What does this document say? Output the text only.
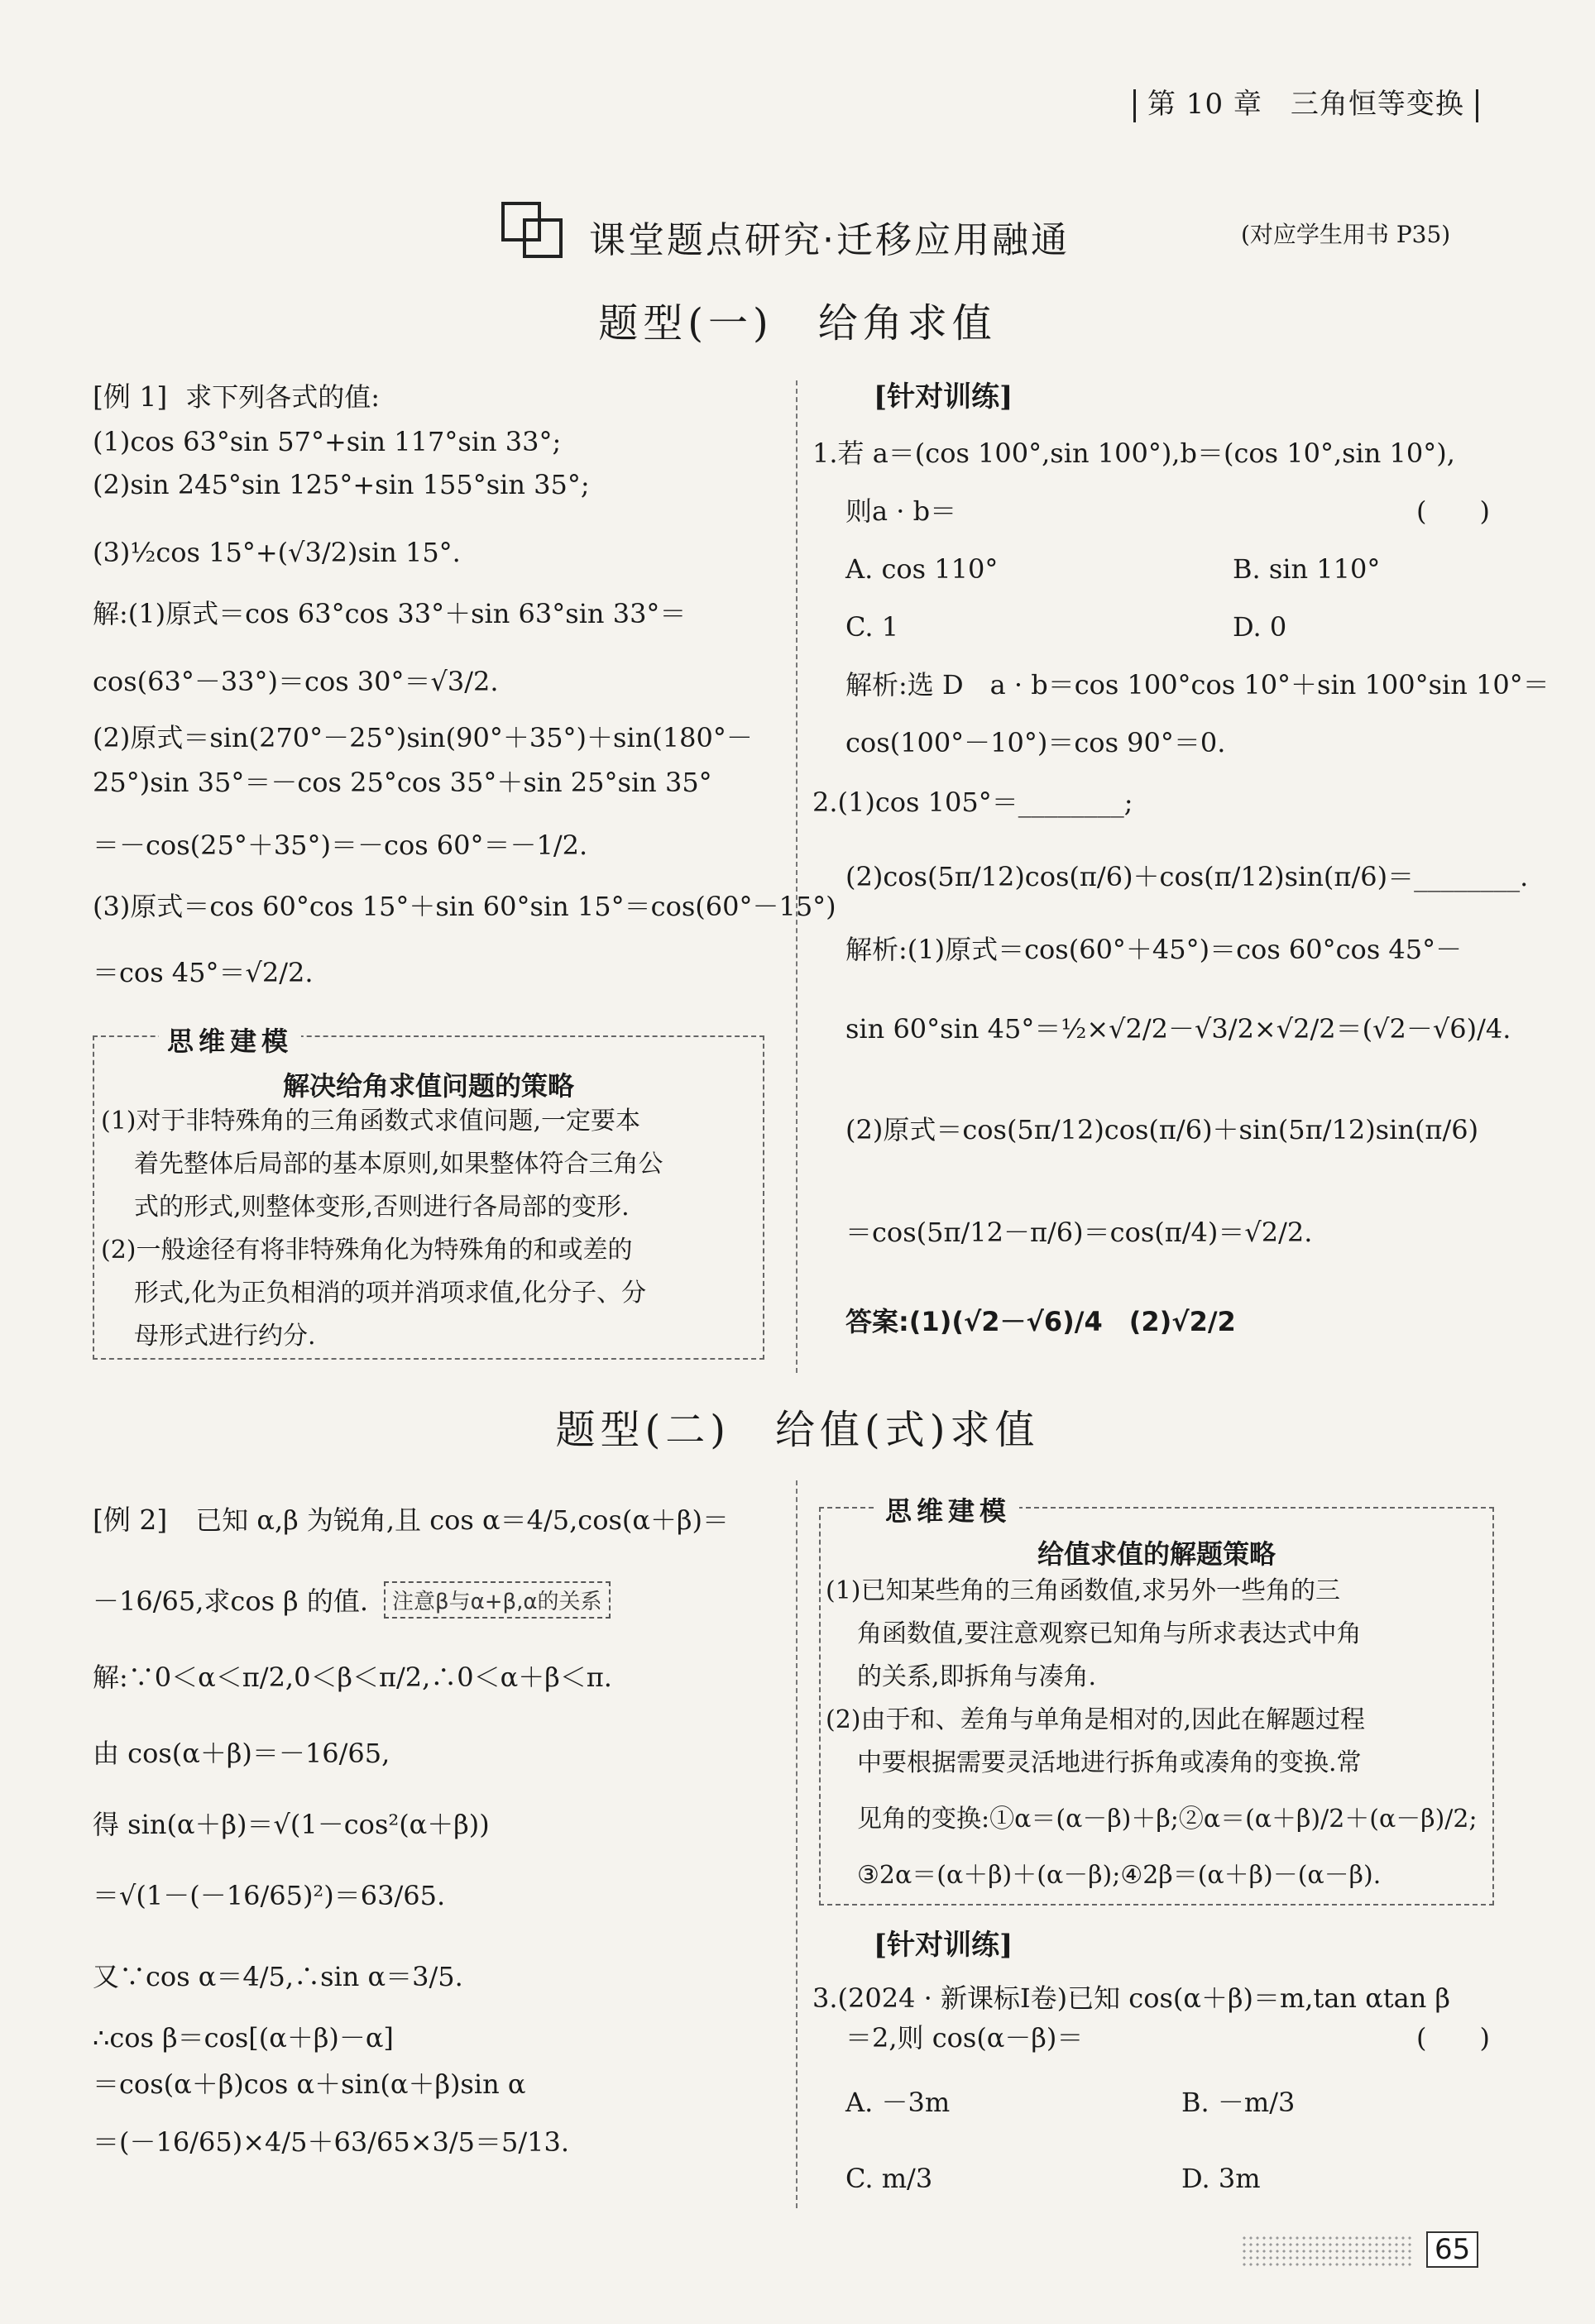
第 10 章 三角恒等变换
课堂题点研究·迁移应用融通	(对应学生用书 P35)
题型(一)　给角求值
[例 1] 求下列各式的值:
(1)cos 63°sin 57°+sin 117°sin 33°;
(2)sin 245°sin 125°+sin 155°sin 35°;
(3)½cos 15°+(√3/2)sin 15°.
解:(1)原式＝cos 63°cos 33°＋sin 63°sin 33°＝
cos(63°－33°)＝cos 30°＝√3/2.
(2)原式＝sin(270°－25°)sin(90°＋35°)＋sin(180°－
25°)sin 35°＝－cos 25°cos 35°＋sin 25°sin 35°
＝－cos(25°＋35°)＝－cos 60°＝－1/2.
(3)原式＝cos 60°cos 15°＋sin 60°sin 15°＝cos(60°－15°)
＝cos 45°＝√2/2.
思维建模
解决给角求值问题的策略
(1)对于非特殊角的三角函数式求值问题,一定要本
着先整体后局部的基本原则,如果整体符合三角公
式的形式,则整体变形,否则进行各局部的变形.
(2)一般途径有将非特殊角化为特殊角的和或差的
形式,化为正负相消的项并消项求值,化分子、分
母形式进行约分.
[针对训练]
1.若 a＝(cos 100°,sin 100°),b＝(cos 10°,sin 10°),
则a · b＝	(　　)
A. cos 110°	B. sin 110°
C. 1	D. 0
解析:选 D　a · b＝cos 100°cos 10°＋sin 100°sin 10°＝
cos(100°－10°)＝cos 90°＝0.
2.(1)cos 105°＝________;
(2)cos(5π/12)cos(π/6)＋cos(π/12)sin(π/6)＝________.
解析:(1)原式＝cos(60°＋45°)＝cos 60°cos 45°－
sin 60°sin 45°＝½×√2/2－√3/2×√2/2＝(√2－√6)/4.
(2)原式＝cos(5π/12)cos(π/6)＋sin(5π/12)sin(π/6)
＝cos(5π/12－π/6)＝cos(π/4)＝√2/2.
答案:(1)(√2－√6)/4　(2)√2/2
题型(二)　给值(式)求值
[例 2] 已知 α,β 为锐角,且 cos α＝4/5,cos(α＋β)＝
－16/65,求cos β 的值.	注意β与α+β,α的关系
解:∵0＜α＜π/2,0＜β＜π/2,∴0＜α＋β＜π.
由 cos(α＋β)＝－16/65,
得 sin(α＋β)＝√(1－cos²(α＋β))
＝√(1－(－16/65)²)＝63/65.
又∵cos α＝4/5,∴sin α＝3/5.
∴cos β＝cos[(α＋β)－α]
＝cos(α＋β)cos α＋sin(α＋β)sin α
＝(－16/65)×4/5＋63/65×3/5＝5/13.
思维建模
给值求值的解题策略
(1)已知某些角的三角函数值,求另外一些角的三
角函数值,要注意观察已知角与所求表达式中角
的关系,即拆角与凑角.
(2)由于和、差角与单角是相对的,因此在解题过程
中要根据需要灵活地进行拆角或凑角的变换.常
见角的变换:①α＝(α－β)＋β;②α＝(α＋β)/2＋(α－β)/2;
③2α＝(α＋β)＋(α－β);④2β＝(α＋β)－(α－β).
[针对训练]
3.(2024 · 新课标Ⅰ卷)已知 cos(α＋β)＝m,tan αtan β
＝2,则 cos(α－β)＝	(　　)
A. －3m	B. －m/3
C. m/3	D. 3m
65
